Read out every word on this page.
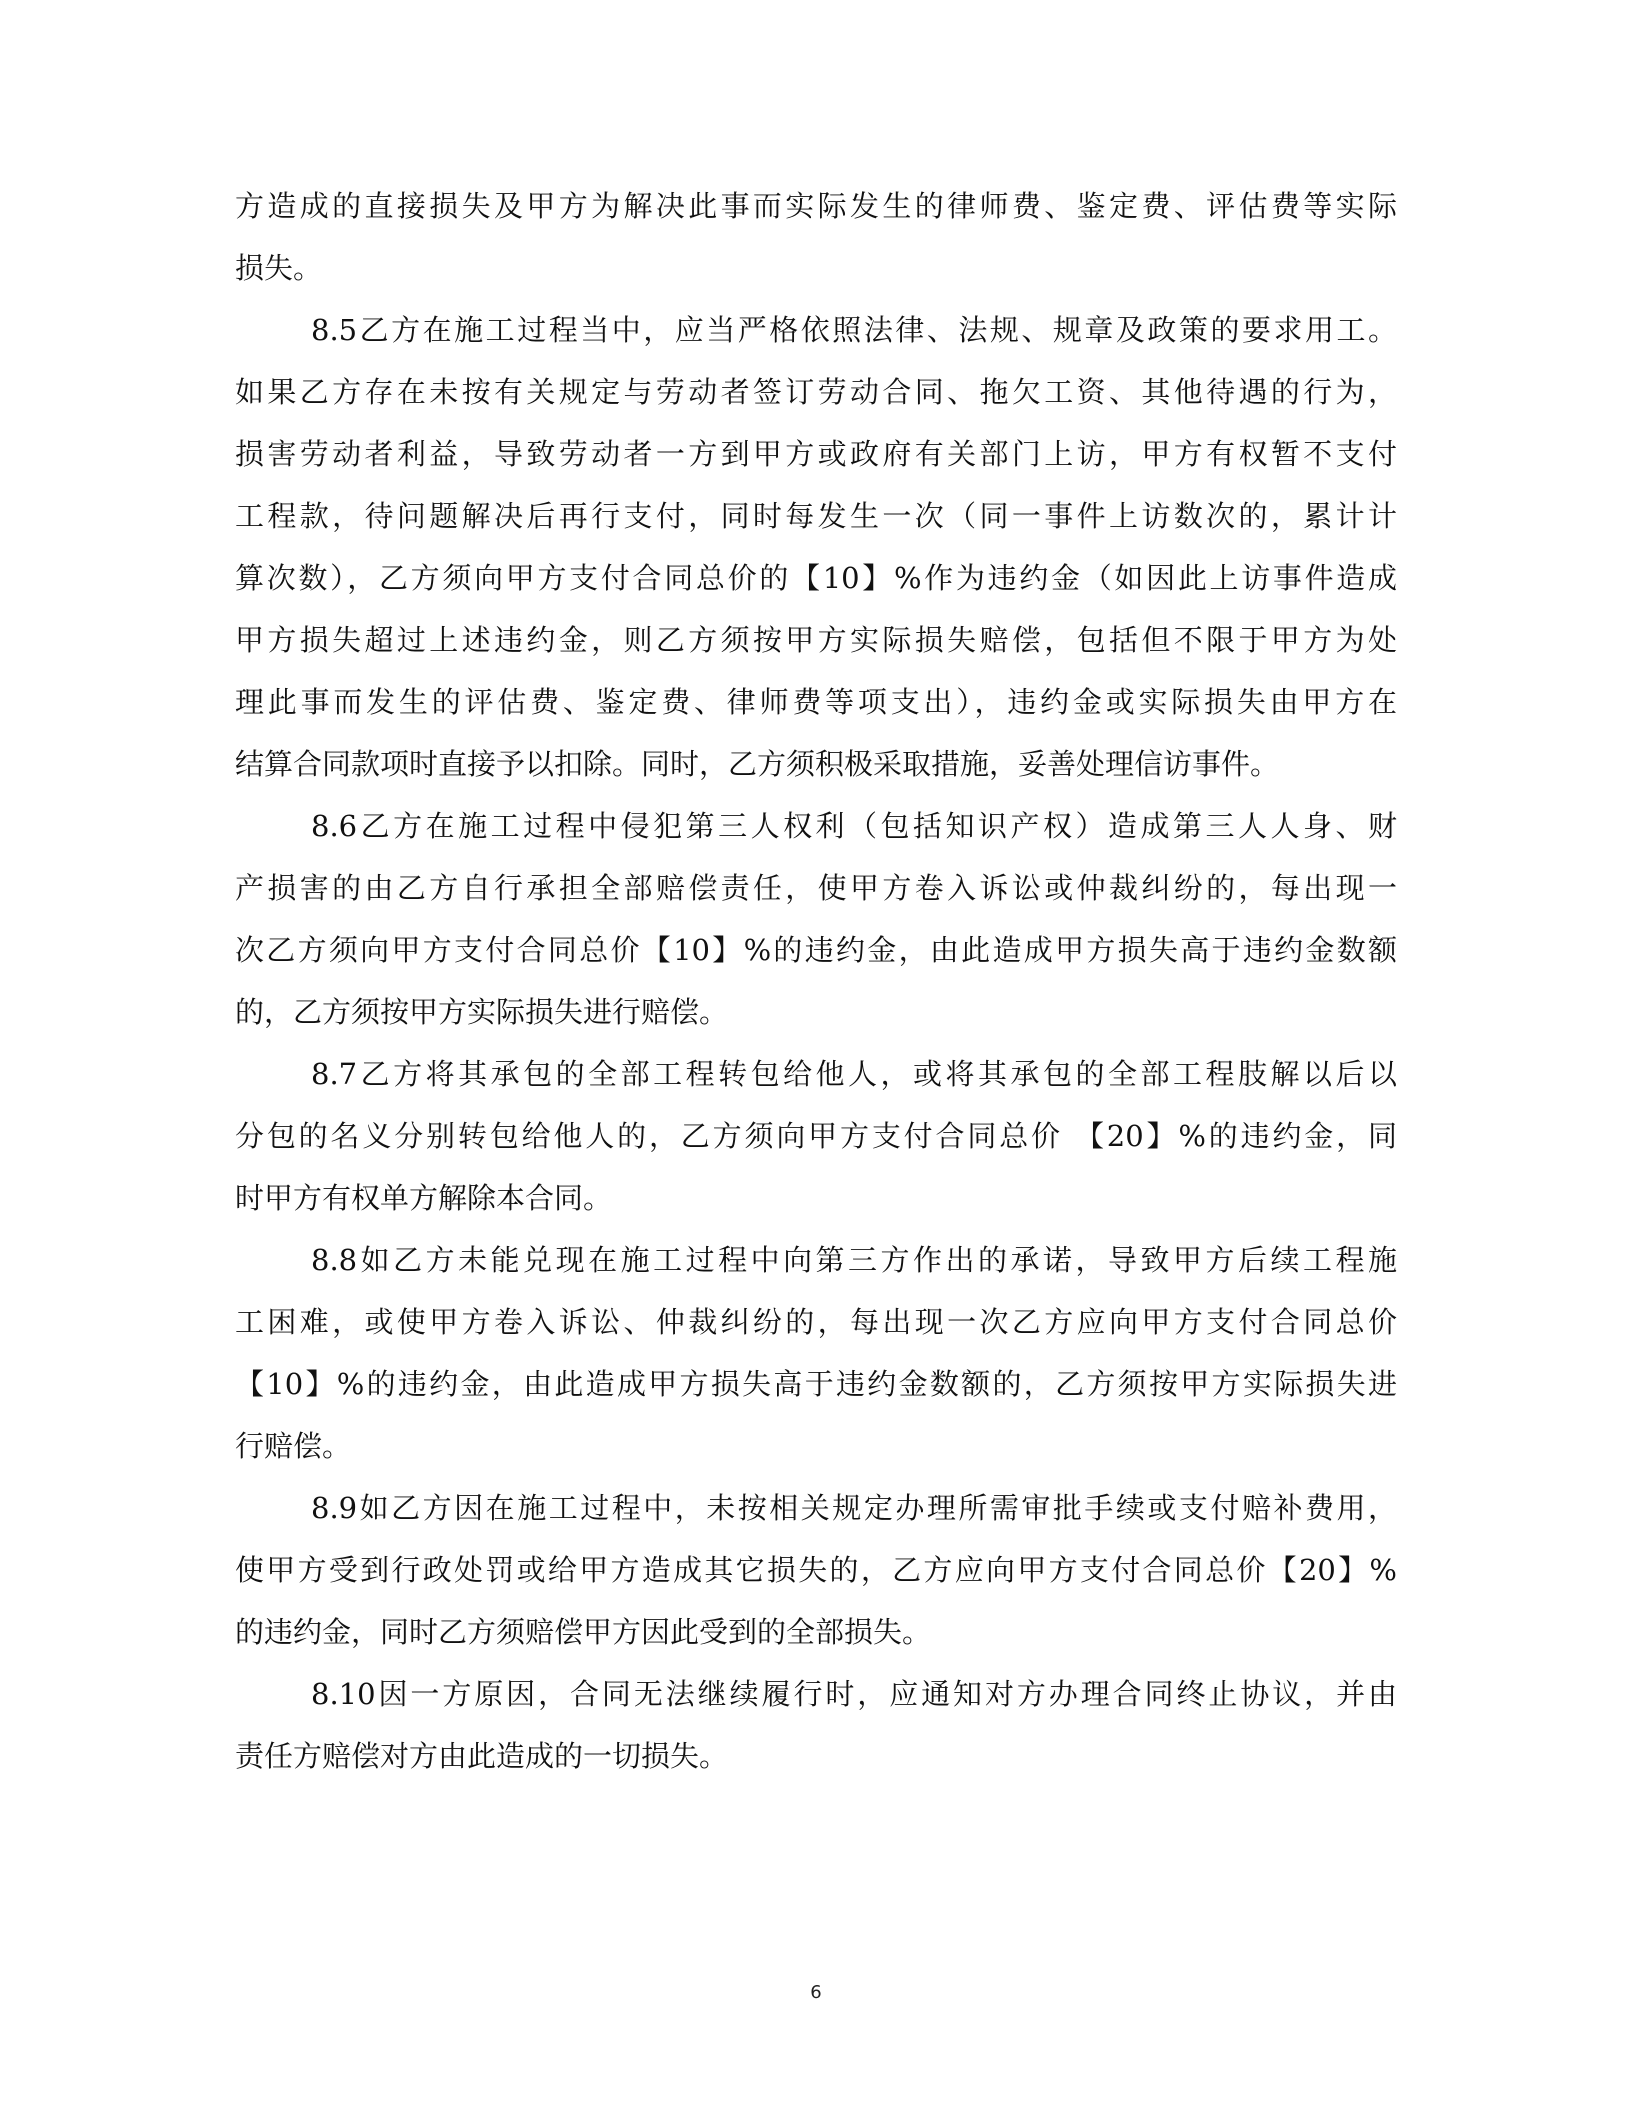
方造成的直接损失及甲方为解决此事而实际发生的律师费、鉴定费、评估费等实际
损失。
8.5乙方在施工过程当中，应当严格依照法律、法规、规章及政策的要求用工。
如果乙方存在未按有关规定与劳动者签订劳动合同、拖欠工资、其他待遇的行为，
损害劳动者利益，导致劳动者一方到甲方或政府有关部门上访，甲方有权暂不支付
工程款，待问题解决后再行支付，同时每发生一次（同一事件上访数次的，累计计
算次数），乙方须向甲方支付合同总价的【10】%作为违约金（如因此上访事件造成
甲方损失超过上述违约金，则乙方须按甲方实际损失赔偿，包括但不限于甲方为处
理此事而发生的评估费、鉴定费、律师费等项支出），违约金或实际损失由甲方在
结算合同款项时直接予以扣除。同时，乙方须积极采取措施，妥善处理信访事件。
8.6乙方在施工过程中侵犯第三人权利（包括知识产权）造成第三人人身、财
产损害的由乙方自行承担全部赔偿责任，使甲方卷入诉讼或仲裁纠纷的，每出现一
次乙方须向甲方支付合同总价【10】%的违约金，由此造成甲方损失高于违约金数额
的，乙方须按甲方实际损失进行赔偿。
8.7乙方将其承包的全部工程转包给他人，或将其承包的全部工程肢解以后以
分包的名义分别转包给他人的，乙方须向甲方支付合同总价 【20】%的违约金，同
时甲方有权单方解除本合同。
8.8如乙方未能兑现在施工过程中向第三方作出的承诺，导致甲方后续工程施
工困难，或使甲方卷入诉讼、仲裁纠纷的，每出现一次乙方应向甲方支付合同总价
【10】%的违约金，由此造成甲方损失高于违约金数额的，乙方须按甲方实际损失进
行赔偿。
8.9如乙方因在施工过程中，未按相关规定办理所需审批手续或支付赔补费用，
使甲方受到行政处罚或给甲方造成其它损失的，乙方应向甲方支付合同总价【20】%
的违约金，同时乙方须赔偿甲方因此受到的全部损失。
8.10因一方原因，合同无法继续履行时，应通知对方办理合同终止协议，并由
责任方赔偿对方由此造成的一切损失。
6
